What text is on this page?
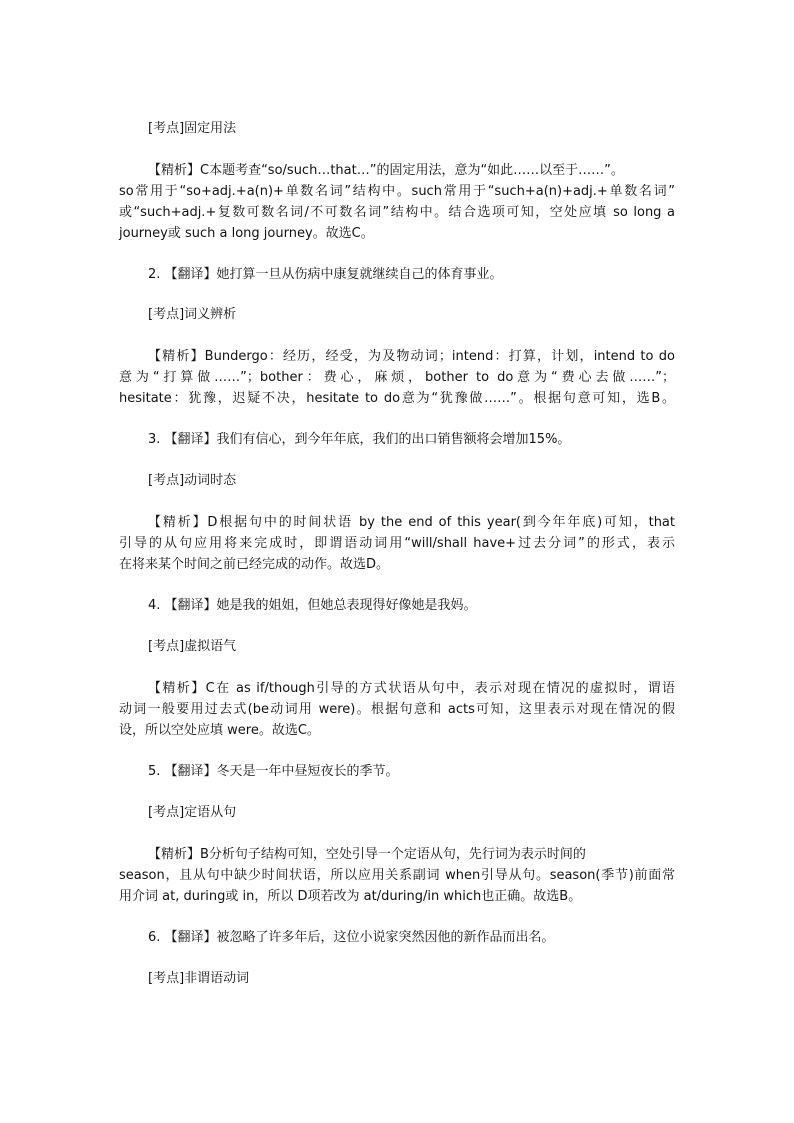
[考点]固定用法
【精析】C本题考查“so/such…that…”的固定用法，意为“如此……以至于……”。
so常用于“so+adj.+a(n)+单数名词”结构中。such常用于“such+a(n)+adj.+单数名词”
或“such+adj.+复数可数名词/不可数名词”结构中。结合选项可知，空处应填 so long a
journey或 such a long journey。故选C。
2. 【翻译】她打算一旦从伤病中康复就继续自己的体育事业。
[考点]词义辨析
【精析】Bundergo：经历，经受，为及物动词；intend：打算，计划，intend to do
意为“打算做……”；bother：费心，麻烦，bother to do意为“费心去做……”；
hesitate：犹豫，迟疑不决，hesitate to do意为“犹豫做……”。根据句意可知，选B。
3. 【翻译】我们有信心，到今年年底，我们的出口销售额将会增加15%。
[考点]动词时态
【精析】D根据句中的时间状语 by the end of this year(到今年年底)可知，that
引导的从句应用将来完成时，即谓语动词用“will/shall have+过去分词”的形式，表示
在将来某个时间之前已经完成的动作。故选D。
4. 【翻译】她是我的姐姐，但她总表现得好像她是我妈。
[考点]虚拟语气
【精析】C在 as if/though引导的方式状语从句中，表示对现在情况的虚拟时，谓语
动词一般要用过去式(be动词用 were)。根据句意和 acts可知，这里表示对现在情况的假
设，所以空处应填 were。故选C。
5. 【翻译】冬天是一年中昼短夜长的季节。
[考点]定语从句
【精析】B分析句子结构可知，空处引导一个定语从句，先行词为表示时间的
season，且从句中缺少时间状语，所以应用关系副词 when引导从句。season(季节)前面常
用介词 at, during或 in，所以 D项若改为 at/during/in which也正确。故选B。
6. 【翻译】被忽略了许多年后，这位小说家突然因他的新作品而出名。
[考点]非谓语动词
